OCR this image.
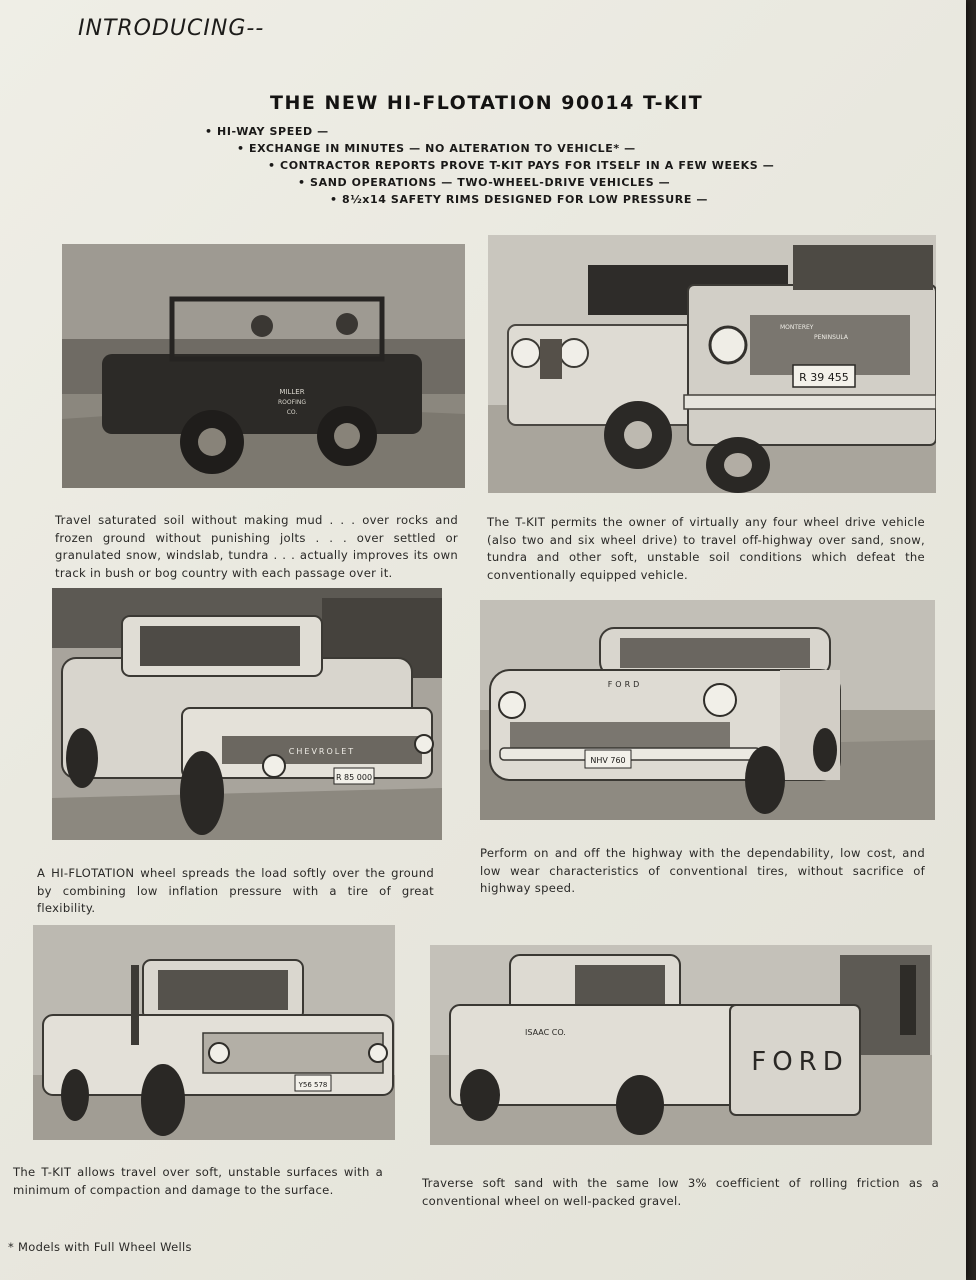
INTRODUCING--
THE NEW HI-FLOTATION 90014 T-KIT
• HI-WAY SPEED —
• EXCHANGE IN MINUTES — NO ALTERATION TO VEHICLE* —
• CONTRACTOR REPORTS PROVE T-KIT PAYS FOR ITSELF IN A FEW WEEKS —
• SAND OPERATIONS — TWO-WHEEL-DRIVE VEHICLES —
• 8½x14 SAFETY RIMS DESIGNED FOR LOW PRESSURE —
MILLER
ROOFING
CO.
MONTEREY
PENINSULA
R 39 455
Travel saturated soil without making mud . . . over rocks and frozen ground without punishing jolts . . . over settled or granulated snow, windslab, tundra . . . actually improves its own track in bush or bog country with each passage over it.
The T-KIT permits the owner of virtually any four wheel drive vehicle (also two and six wheel drive) to travel off-highway over sand, snow, tundra and other soft, unstable soil conditions which defeat the conventionally equipped vehicle.
CHEVROLET
R 85 000
FORD
NHV 760
A HI-FLOTATION wheel spreads the load softly over the ground by combining low inflation pressure with a tire of great flexibility.
Perform on and off the highway with the dependability, low cost, and low wear characteristics of conventional tires, without sacrifice of highway speed.
Y56 578
FORD
ISAAC CO.
The T-KIT allows travel over soft, unstable surfaces with a minimum of compaction and damage to the surface.	Traverse soft sand with the same low 3% coefficient of rolling friction as a conventional wheel on well-packed gravel.
* Models with Full Wheel Wells
